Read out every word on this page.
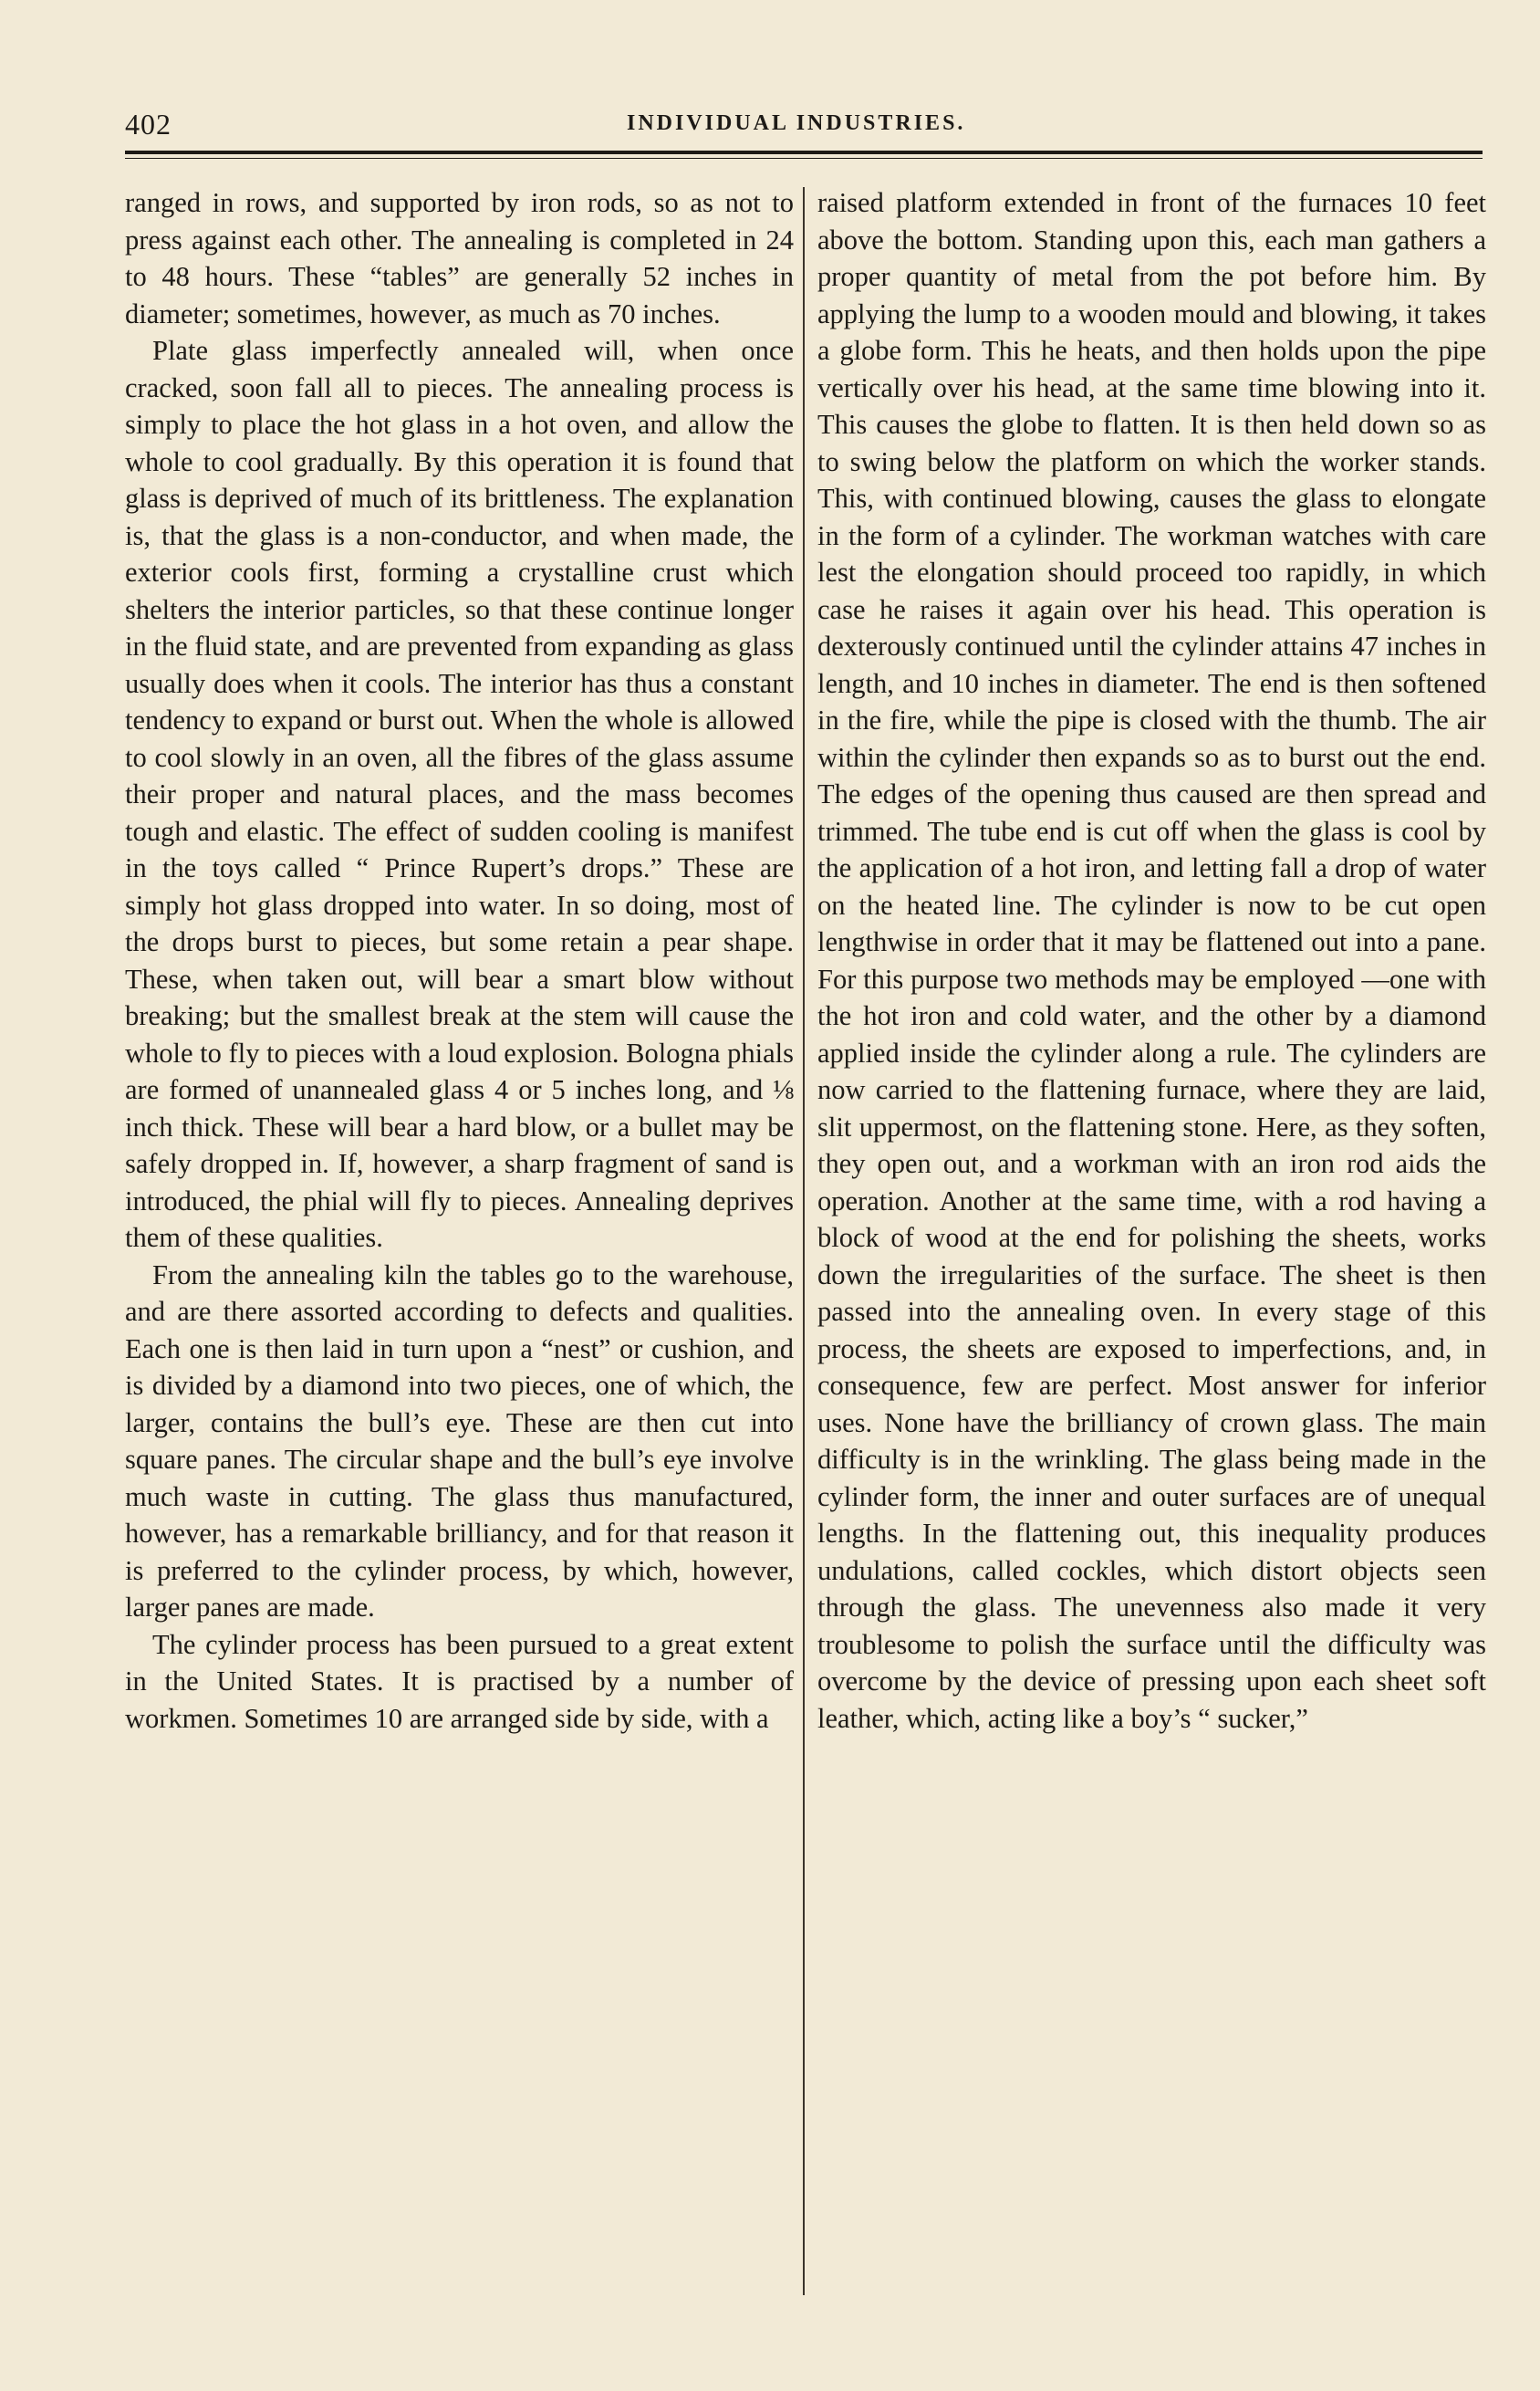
402	INDIVIDUAL INDUSTRIES.

ranged in rows, and supported by iron rods, so as not to press against each other. The annealing is completed in 24 to 48 hours. These “tables” are generally 52 inches in diameter; sometimes, however, as much as 70 inches.

Plate glass imperfectly annealed will, when once cracked, soon fall all to pieces. The annealing process is simply to place the hot glass in a hot oven, and allow the whole to cool gradually. By this operation it is found that glass is deprived of much of its brittleness. The explanation is, that the glass is a non-conductor, and when made, the exterior cools first, forming a crystalline crust which shelters the interior particles, so that these continue longer in the fluid state, and are prevented from expanding as glass usually does when it cools. The interior has thus a constant tendency to expand or burst out. When the whole is allowed to cool slowly in an oven, all the fibres of the glass assume their proper and natural places, and the mass becomes tough and elastic. The effect of sudden cooling is manifest in the toys called “ Prince Rupert’s drops.” These are simply hot glass dropped into water. In so doing, most of the drops burst to pieces, but some retain a pear shape. These, when taken out, will bear a smart blow without breaking; but the smallest break at the stem will cause the whole to fly to pieces with a loud explosion. Bologna phials are formed of unannealed glass 4 or 5 inches long, and ⅛ inch thick. These will bear a hard blow, or a bullet may be safely dropped in. If, however, a sharp fragment of sand is introduced, the phial will fly to pieces. Annealing deprives them of these qualities.

From the annealing kiln the tables go to the warehouse, and are there assorted according to defects and qualities. Each one is then laid in turn upon a “nest” or cushion, and is divided by a diamond into two pieces, one of which, the larger, contains the bull’s eye. These are then cut into square panes. The circular shape and the bull’s eye involve much waste in cutting. The glass thus manufactured, however, has a remarkable brilliancy, and for that reason it is preferred to the cylinder process, by which, however, larger panes are made.

The cylinder process has been pursued to a great extent in the United States. It is practised by a number of workmen. Sometimes 10 are arranged side by side, with a

raised platform extended in front of the furnaces 10 feet above the bottom. Standing upon this, each man gathers a proper quantity of metal from the pot before him. By applying the lump to a wooden mould and blowing, it takes a globe form. This he heats, and then holds upon the pipe vertically over his head, at the same time blowing into it. This causes the globe to flatten. It is then held down so as to swing below the platform on which the worker stands. This, with continued blowing, causes the glass to elongate in the form of a cylinder. The workman watches with care lest the elongation should proceed too rapidly, in which case he raises it again over his head. This operation is dexterously continued until the cylinder attains 47 inches in length, and 10 inches in diameter. The end is then softened in the fire, while the pipe is closed with the thumb. The air within the cylinder then expands so as to burst out the end. The edges of the opening thus caused are then spread and trimmed. The tube end is cut off when the glass is cool by the application of a hot iron, and letting fall a drop of water on the heated line. The cylinder is now to be cut open lengthwise in order that it may be flattened out into a pane. For this purpose two methods may be employed —one with the hot iron and cold water, and the other by a diamond applied inside the cylinder along a rule. The cylinders are now carried to the flattening furnace, where they are laid, slit uppermost, on the flattening stone. Here, as they soften, they open out, and a workman with an iron rod aids the operation. Another at the same time, with a rod having a block of wood at the end for polishing the sheets, works down the irregularities of the surface. The sheet is then passed into the annealing oven. In every stage of this process, the sheets are exposed to imperfections, and, in consequence, few are perfect. Most answer for inferior uses. None have the brilliancy of crown glass. The main difficulty is in the wrinkling. The glass being made in the cylinder form, the inner and outer surfaces are of unequal lengths. In the flattening out, this inequality produces undulations, called cockles, which distort objects seen through the glass. The unevenness also made it very troublesome to polish the surface until the difficulty was overcome by the device of pressing upon each sheet soft leather, which, acting like a boy’s “ sucker,”
